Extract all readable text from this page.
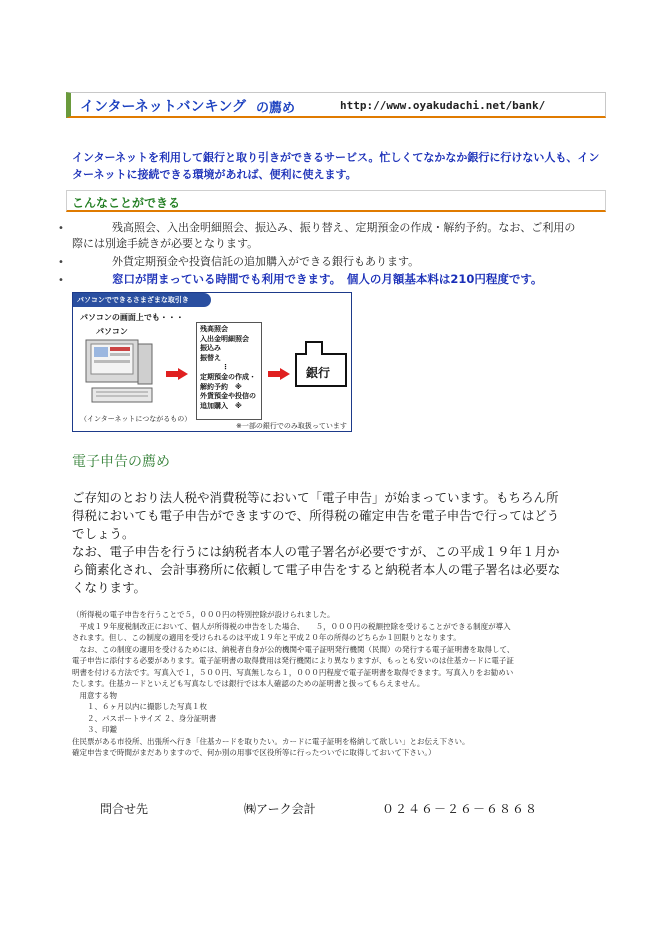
インターネットバンキング の薦め	http://www.oyakudachi.net/bank/
インターネットを利用して銀行と取り引きができるサービス。忙しくてなかなか銀行に行けない人も、イン
ターネットに接続できる環境があれば、便利に使えます。
こんなことができる
•	残高照会、入出金明細照会、振込み、振り替え、定期預金の作成・解約予約。なお、ご利用の
際には別途手続きが必要となります。
•	外貨定期預金や投資信託の追加購入ができる銀行もあります。
•	窓口が閉まっている時間でも利用できます。　個人の月額基本料は210円程度です。
パソコンでできるさまざまな取引き
パソコンの画面上でも・・・
パソコン
（インターネットにつながるもの）
残高照会
入出金明細照会
振込み
振替え
⋮
定期預金の作成・
解約予約　※
外貨預金や投信の
追加購入　※
銀行
※一部の銀行でのみ取扱っています
電子申告の薦め
ご存知のとおり法人税や消費税等において「電子申告」が始まっています。もちろん所
得税においても電子申告ができますので、所得税の確定申告を電子申告で行ってはどう
でしょう。
なお、電子申告を行うには納税者本人の電子署名が必要ですが、この平成１９年１月か
ら簡素化され、会計事務所に依頼して電子申告をすると納税者本人の電子署名は必要な
くなります。
（所得税の電子申告を行うことで５，０００円の特別控除が設けられました。
　平成１９年度税制改正において、個人が所得税の申告をした場合、　　５，０００円の税額控除を受けることができる制度が導入
されます。但し、この制度の適用を受けられるのは平成１９年と平成２０年の所得のどちらか１回限りとなります。
　なお、この制度の適用を受けるためには、納税者自身が公的機関や電子証明発行機関（民間）の発行する電子証明書を取得して、
電子申告に添付する必要があります。電子証明書の取得費用は発行機関により異なりますが、もっとも安いのは住基カードに電子証
明書を付ける方法です。写真入で１，５００円、写真無しなら１，０００円程度で電子証明書を取得できます。写真入りをお勧めい
たします。住基カードといえども写真なしでは銀行では本人確認のための証明書と扱ってもらえません。
　用意する物
　　１、６ヶ月以内に撮影した写真１枚
　　２、パスポートサイズ ２、身分証明書
　　３、印鑑
住民票がある市役所、出張所へ行き「住基カードを取りたい。カードに電子証明を格納して欲しい」とお伝え下さい。
確定申告まで時間がまだありますので、何か別の用事で区役所等に行ったついでに取得しておいて下さい。）
問合せ先	㈱アーク会計	０２４６－２６－６８６８
